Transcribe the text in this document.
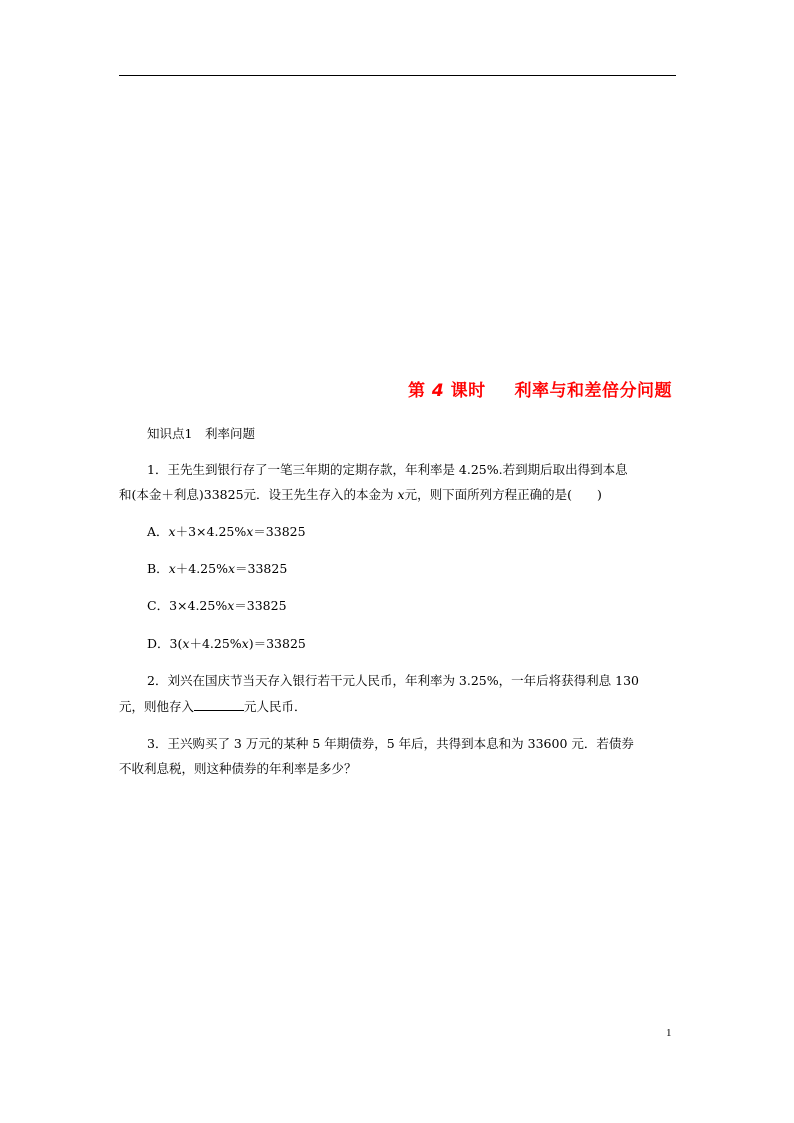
第 4 课时 利率与和差倍分问题
知识点1　利率问题
1．王先生到银行存了一笔三年期的定期存款，年利率是 4.25%.若到期后取出得到本息
和(本金＋利息)33825元．设王先生存入的本金为 x元，则下面所列方程正确的是(　　)
A．x＋3×4.25%x＝33825
B．x＋4.25%x＝33825
C．3×4.25%x＝33825
D．3(x＋4.25%x)＝33825
2．刘兴在国庆节当天存入银行若干元人民币，年利率为 3.25%，一年后将获得利息 130
元，则他存入	元人民币．
3．王兴购买了 3 万元的某种 5 年期债券，5 年后，共得到本息和为 33600 元．若债券
不收利息税，则这种债券的年利率是多少？
1
